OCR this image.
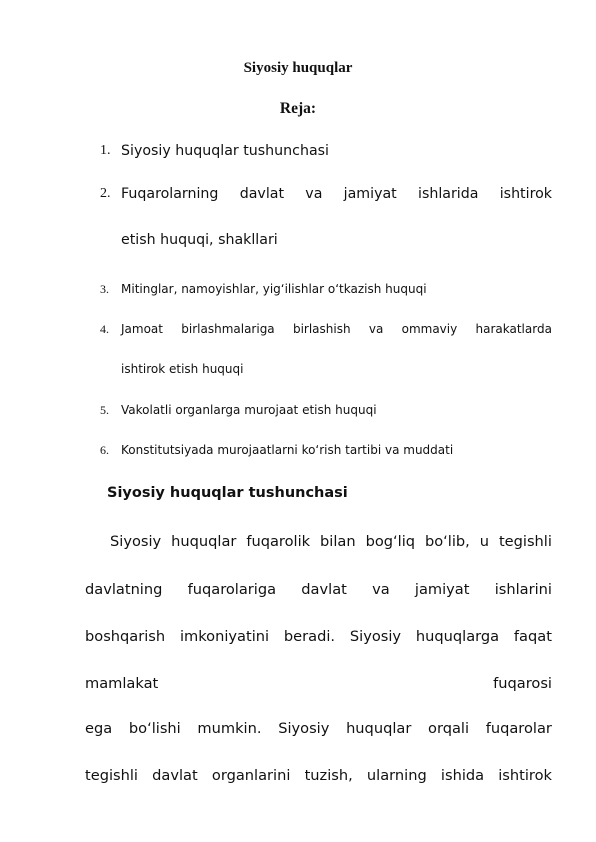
Siyosiy huquqlar
Reja:
1. Siyosiy huquqlar tushunchasi
2. Fuqarolarning davlat va jamiyat ishlarida ishtirok
etish huquqi, shakllari
3.	Mitinglar, namoyishlar, yig‘ilishlar o‘tkazish huquqi
4.	Jamoat birlashmalariga birlashish va ommaviy harakatlarda
ishtirok etish huquqi
5.	Vakolatli organlarga murojaat etish huquqi
6.	Konstitutsiyada murojaatlarni ko‘rish tartibi va muddati
Siyosiy huquqlar tushunchasi
Siyosiy huquqlar fuqarolik bilan bog‘liq bo‘lib, u tegishli
davlatning fuqarolariga davlat va jamiyat ishlarini
boshqarish imkoniyatini beradi. Siyosiy huquqlarga faqat
mamlakat	fuqarosi
ega bo‘lishi mumkin. Siyosiy huquqlar orqali fuqarolar
tegishli davlat organlarini tuzish, ularning ishida ishtirok
